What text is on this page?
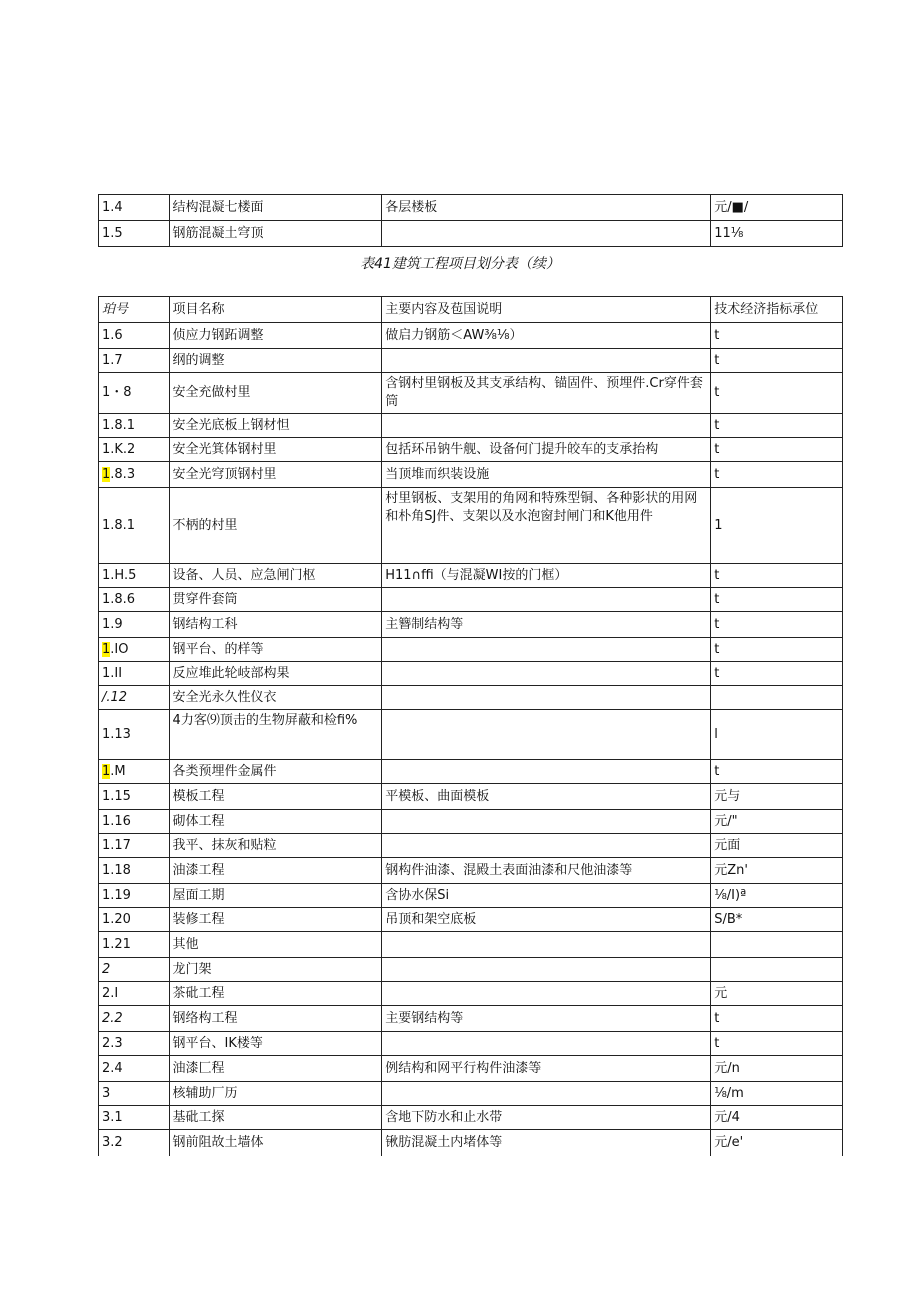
1.4	结构混凝七楼面	各层楼板	元/■/
1.5	钢筋混凝土穹顶		11⅛
表41建筑工程项目划分表（续）
珀号	项目名称	主要内容及苞国说明	技术经济指标承位
1.6	侦应力钢跖调整	做启力钢筋＜AW⅜⅛）	t
1.7	纲的调整		t
1・8	安全充做村里	含钢村里钢板及其支承结构、锚固件、预埋件.Cr穿件套筒	t
1.8.1	安全光底板上钢材怛		t
1.K.2	安全光箕体钢村里	包括环吊钠牛舰、设备何门提升皎车的支承抬构	t
1.8.3	安全光穹顶钢村里	当顶堆而织装设施	t
1.8.1	不柄的村里	村里钢板、支架用的角网和特殊型铜、各种影状的用网和朴角SJ件、支架以及水泡窗封闸门和K他用件	1
1.H.5	设备、人员、应急闸门枢	H11∩ffi（与混凝WI按的门框）	t
1.8.6	贯穿件套筒		t
1.9	钢结构工科	主簪制结构等	t
1.IO	钢平台、的样等		t
1.II	反应堆此轮岐部构果		t
/.12	安全光永久性仪衣		
1.13	4力客⑼顶击的生物屏蔽和检fi%		l
1.M	各类预埋件金属件		t
1.15	模板工程	平模板、曲面模板	元与
1.16	砌体工程		元/"
1.17	我平、抹灰和贴粒		元面
1.18	油漆工程	钢构件油漆、混殿土表面油漆和尺他油漆等	元Zn'
1.19	屋面工期	含协水保Si	⅛/I)ª
1.20	装修工程	吊顶和架空底板	S/B*
1.21	其他		
2	龙门架		
2.I	茶砒工程		元
2.2	钢络构工程	主要钢结构等	t
2.3	钢平台、IK楼等		t
2.4	油漆匚程	例结构和网平行构件油漆等	元/n
3	核辅助厂历		⅛/m
3.1	基砒工探	含地下防水和止水带	元/4
3.2	钢前阻故土墙体	锹肪混凝土内堵体等	元/e'
